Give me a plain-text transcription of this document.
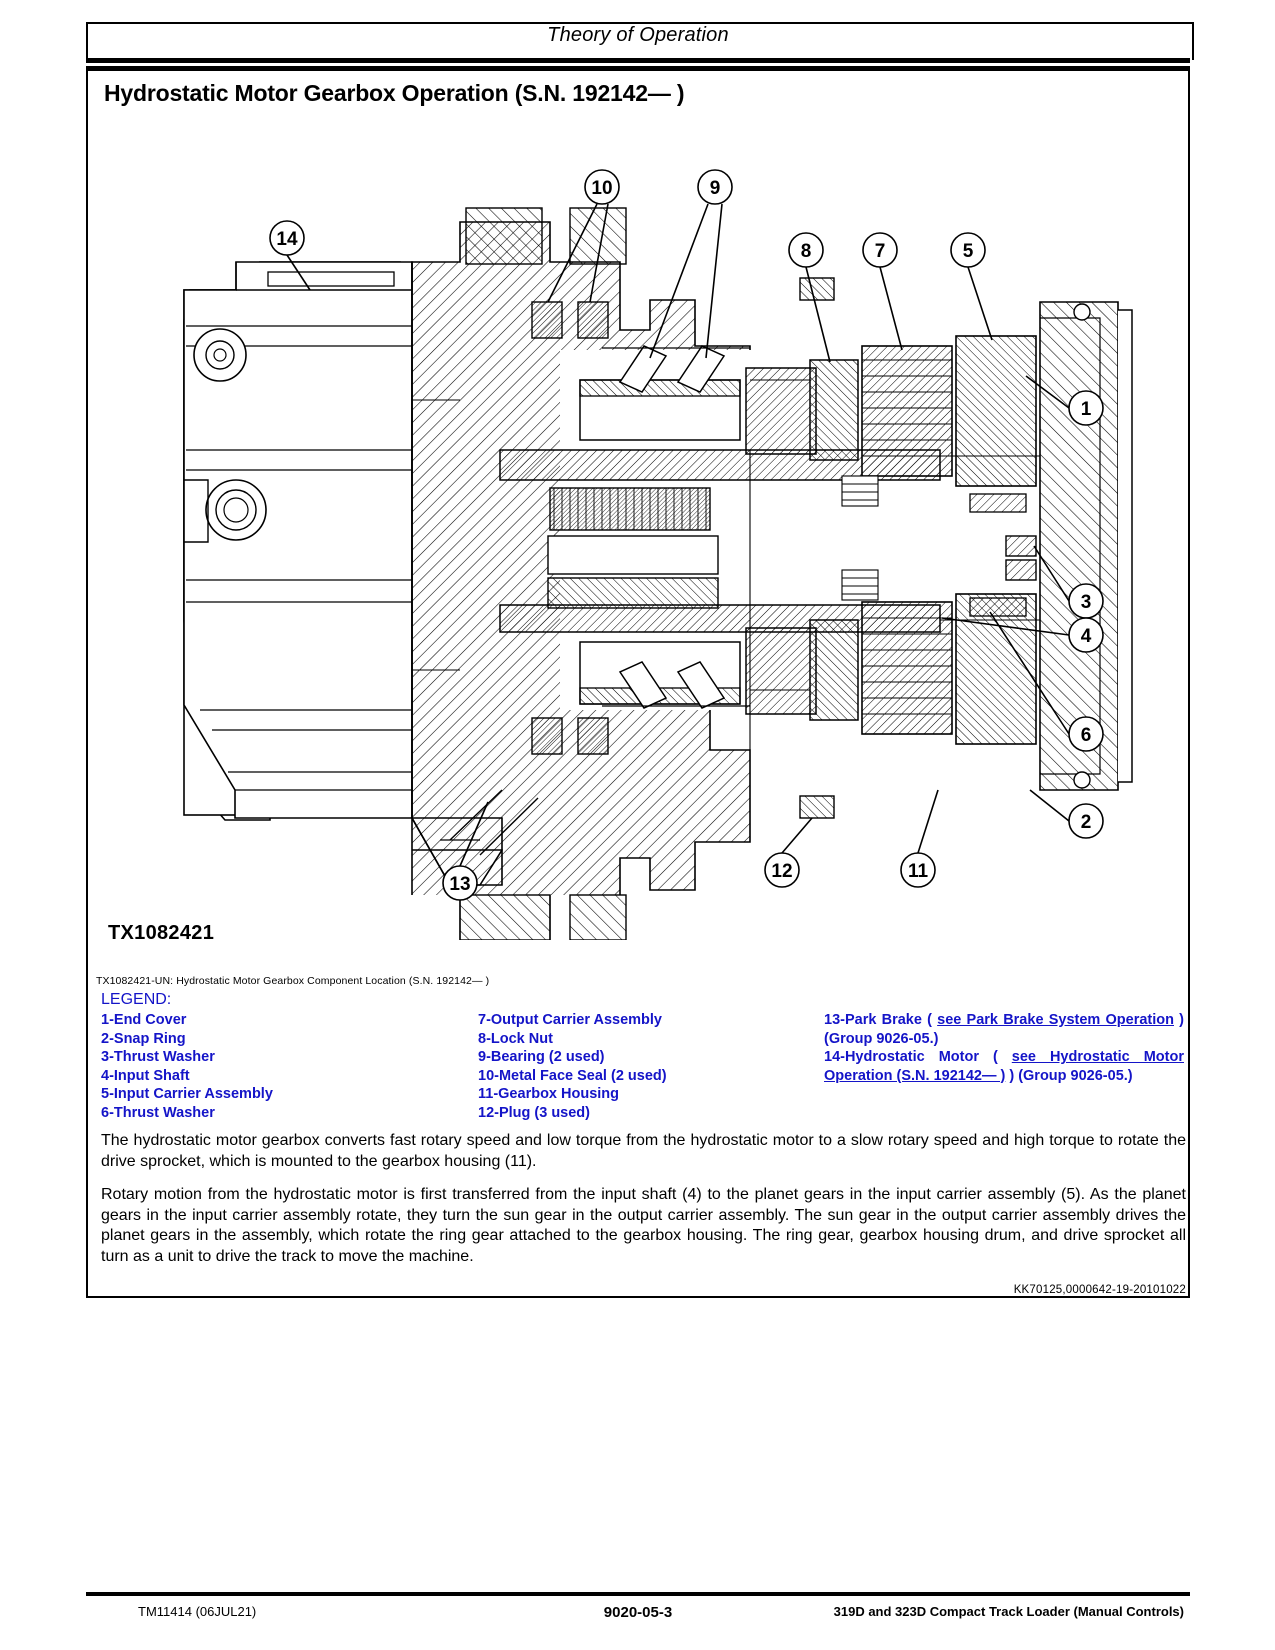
Theory of Operation
Hydrostatic Motor Gearbox Operation (S.N. 192142— )
14
10	9
8	7	5
1
3
4
6
2
13
12	11
TX1082421
TX1082421-UN: Hydrostatic Motor Gearbox Component Location (S.N. 192142— )
LEGEND:
1-End Cover
2-Snap Ring
3-Thrust Washer
4-Input Shaft
5-Input Carrier Assembly
6-Thrust Washer
7-Output Carrier Assembly
8-Lock Nut
9-Bearing (2 used)
10-Metal Face Seal (2 used)
11-Gearbox Housing
12-Plug (3 used)
13-Park Brake ( see Park Brake System Operation ) (Group 9026-05.)
14-Hydrostatic Motor ( see Hydrostatic Motor Operation (S.N. 192142— ) ) (Group 9026-05.)

The hydrostatic motor gearbox converts fast rotary speed and low torque from the hydrostatic motor to a slow rotary speed and high torque to rotate the drive sprocket, which is mounted to the gearbox housing (11).

Rotary motion from the hydrostatic motor is first transferred from the input shaft (4) to the planet gears in the input carrier assembly (5). As the planet gears in the input carrier assembly rotate, they turn the sun gear in the output carrier assembly. The sun gear in the output carrier assembly drives the planet gears in the assembly, which rotate the ring gear attached to the gearbox housing. The ring gear, gearbox housing drum, and drive sprocket all turn as a unit to drive the track to move the machine.

KK70125,0000642-19-20101022
TM11414 (06JUL21)	9020-05-3	319D and 323D Compact Track Loader (Manual Controls)
